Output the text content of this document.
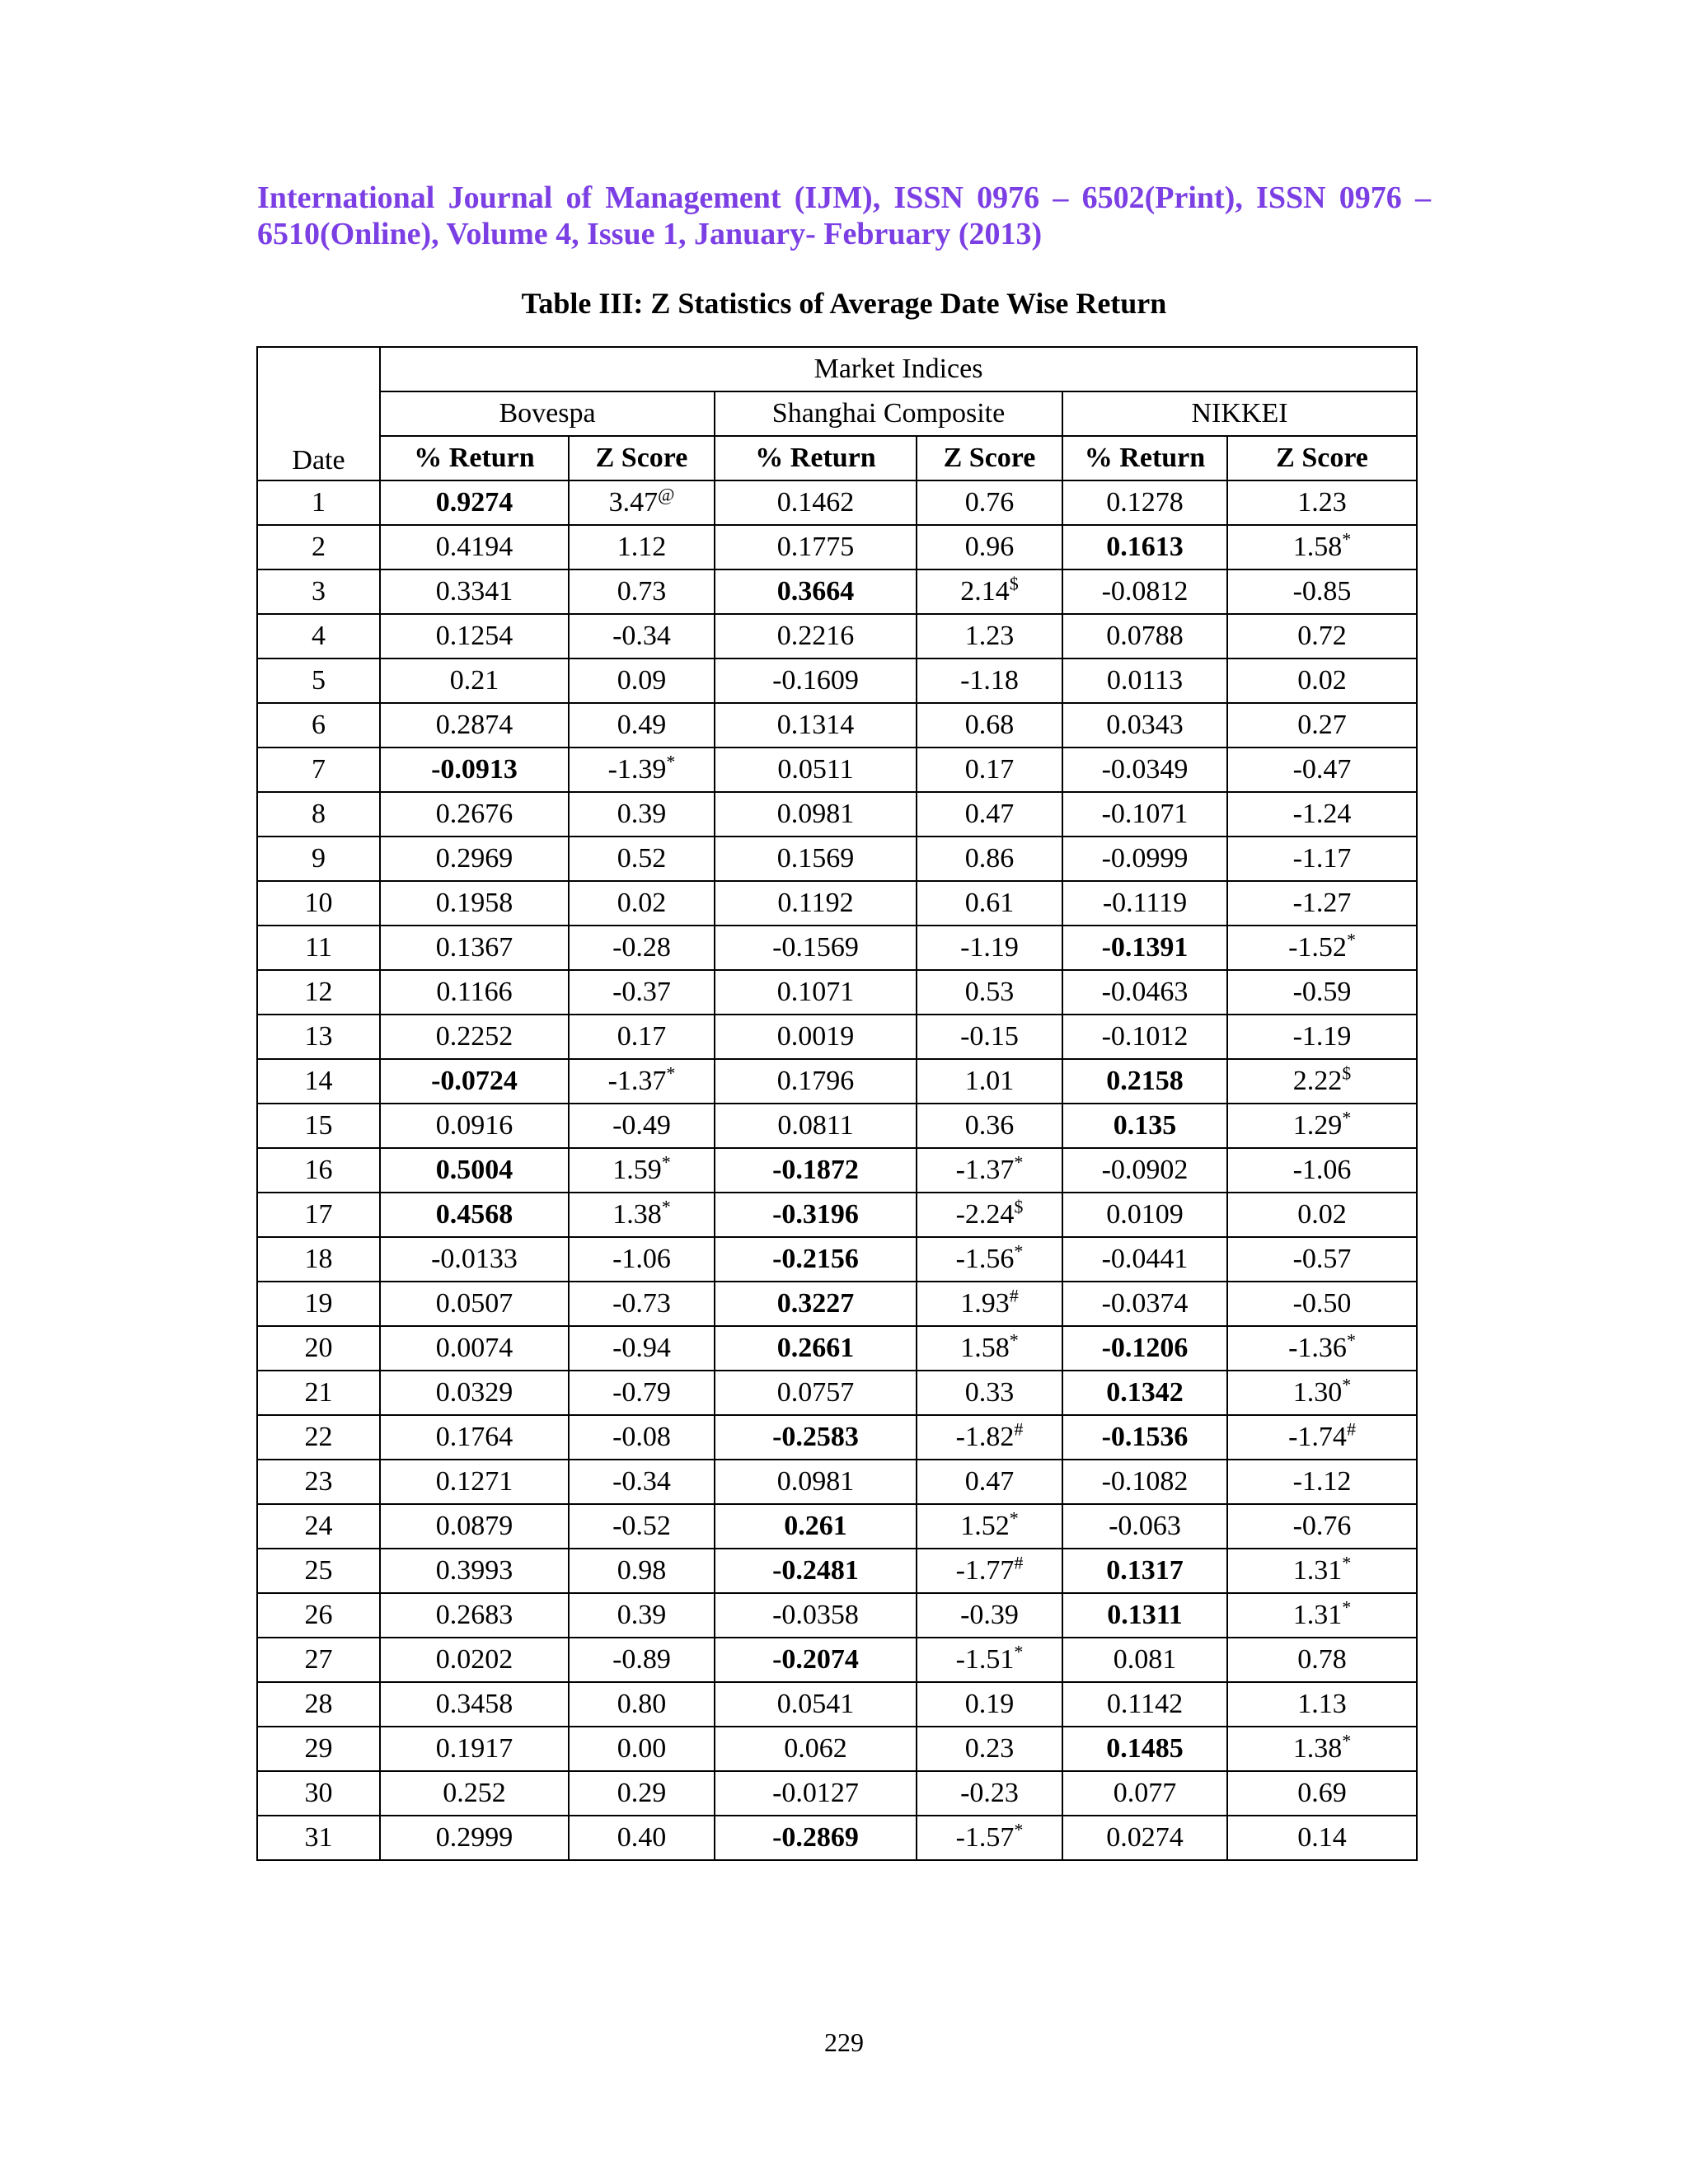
International Journal of Management (IJM), ISSN 0976 – 6502(Print), ISSN 0976 –
6510(Online), Volume 4, Issue 1, January- February (2013)
Table III: Z Statistics of Average Date Wise Return
Date	Market Indices					
	Bovespa		Shanghai Composite		NIKKEI	
	% Return	Z Score	% Return	Z Score	% Return	Z Score
1	0.9274	3.47@	0.1462	0.76	0.1278	1.23
2	0.4194	1.12	0.1775	0.96	0.1613	1.58*
3	0.3341	0.73	0.3664	2.14$	-0.0812	-0.85
4	0.1254	-0.34	0.2216	1.23	0.0788	0.72
5	0.21	0.09	-0.1609	-1.18	0.0113	0.02
6	0.2874	0.49	0.1314	0.68	0.0343	0.27
7	-0.0913	-1.39*	0.0511	0.17	-0.0349	-0.47
8	0.2676	0.39	0.0981	0.47	-0.1071	-1.24
9	0.2969	0.52	0.1569	0.86	-0.0999	-1.17
10	0.1958	0.02	0.1192	0.61	-0.1119	-1.27
11	0.1367	-0.28	-0.1569	-1.19	-0.1391	-1.52*
12	0.1166	-0.37	0.1071	0.53	-0.0463	-0.59
13	0.2252	0.17	0.0019	-0.15	-0.1012	-1.19
14	-0.0724	-1.37*	0.1796	1.01	0.2158	2.22$
15	0.0916	-0.49	0.0811	0.36	0.135	1.29*
16	0.5004	1.59*	-0.1872	-1.37*	-0.0902	-1.06
17	0.4568	1.38*	-0.3196	-2.24$	0.0109	0.02
18	-0.0133	-1.06	-0.2156	-1.56*	-0.0441	-0.57
19	0.0507	-0.73	0.3227	1.93#	-0.0374	-0.50
20	0.0074	-0.94	0.2661	1.58*	-0.1206	-1.36*
21	0.0329	-0.79	0.0757	0.33	0.1342	1.30*
22	0.1764	-0.08	-0.2583	-1.82#	-0.1536	-1.74#
23	0.1271	-0.34	0.0981	0.47	-0.1082	-1.12
24	0.0879	-0.52	0.261	1.52*	-0.063	-0.76
25	0.3993	0.98	-0.2481	-1.77#	0.1317	1.31*
26	0.2683	0.39	-0.0358	-0.39	0.1311	1.31*
27	0.0202	-0.89	-0.2074	-1.51*	0.081	0.78
28	0.3458	0.80	0.0541	0.19	0.1142	1.13
29	0.1917	0.00	0.062	0.23	0.1485	1.38*
30	0.252	0.29	-0.0127	-0.23	0.077	0.69
31	0.2999	0.40	-0.2869	-1.57*	0.0274	0.14
229
